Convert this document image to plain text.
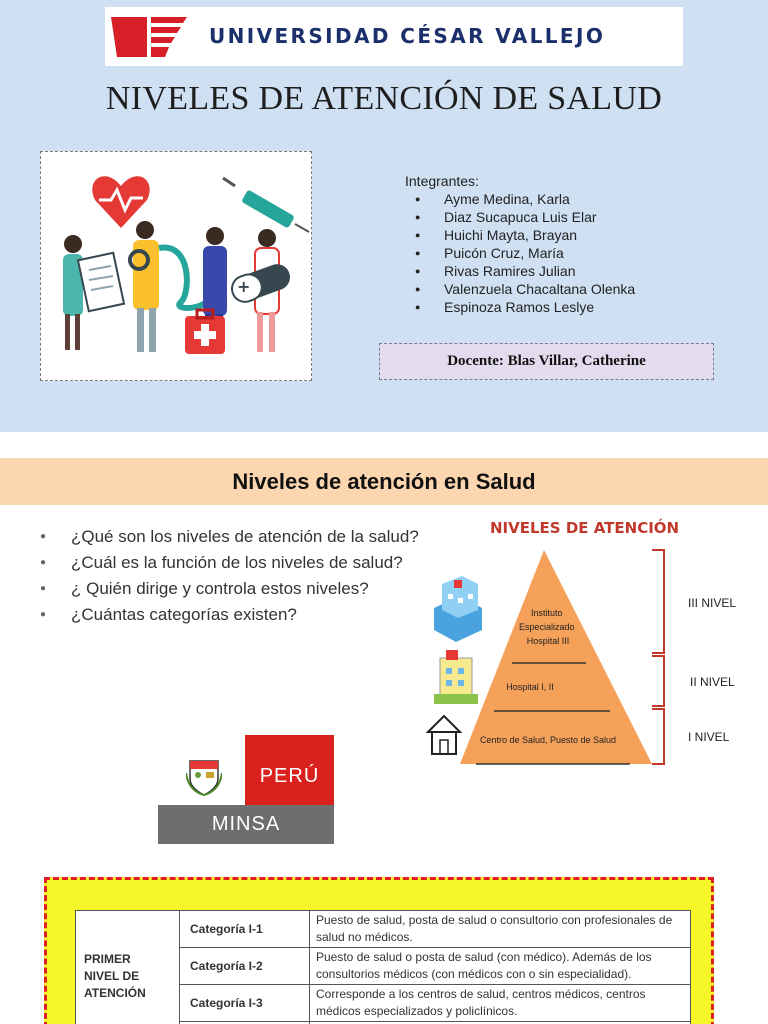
UNIVERSIDAD CÉSAR VALLEJO
NIVELES DE ATENCIÓN DE SALUD
+
Integrantes:
● Ayme Medina, Karla
● Diaz Sucapuca Luis Elar
● Huichi Mayta, Brayan
● Puicón Cruz, María
● Rivas Ramires Julian
● Valenzuela Chacaltana Olenka
● Espinoza Ramos Leslye
Docente: Blas Villar, Catherine
Niveles de atención en Salud
● ¿Qué son los niveles de atención de la salud?
● ¿Cuál es la función de los niveles de salud?
● ¿ Quién dirige y controla estos niveles?
● ¿Cuántas categorías existen?
NIVELES DE ATENCIÓN
Instituto Especializado Hospital III
Hospital I, II
Centro de Salud, Puesto de Salud
III NIVEL
II NIVEL
I NIVEL
PERÚ
MINSA
PRIMER
NIVEL DE
ATENCIÓN	Categoría I-1	Puesto de salud, posta de salud o consultorio con profesionales de salud no médicos.
	Categoría I-2	Puesto de salud o posta de salud (con médico). Además de los consultorios médicos (con médicos con o sin especialidad).
	Categoría I-3	Corresponde a los centros de salud, centros médicos, centros médicos especializados y policlínicos.
